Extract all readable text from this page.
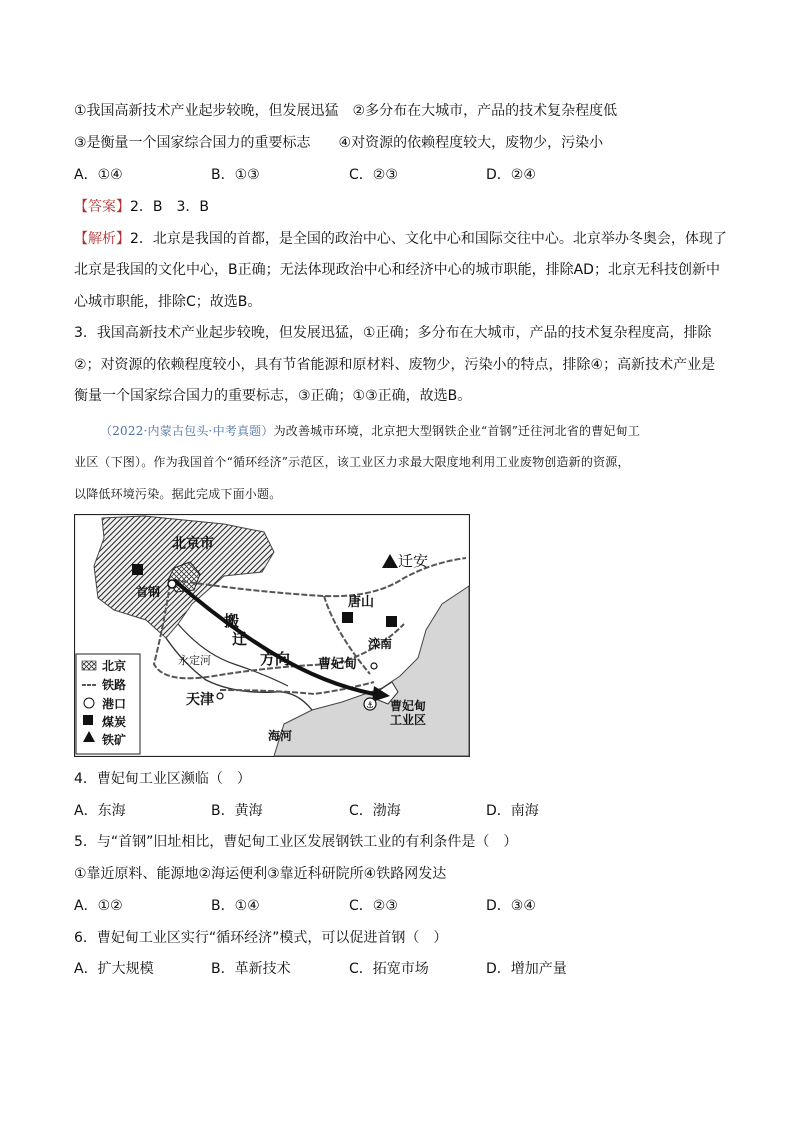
①我国高新技术产业起步较晚，但发展迅猛　②多分布在大城市，产品的技术复杂程度低
③是衡量一个国家综合国力的重要标志　　④对资源的依赖程度较大，废物少，污染小
A．①④	B．①③	C．②③	D．②④
【答案】2．B　3．B
【解析】2．北京是我国的首都，是全国的政治中心、文化中心和国际交往中心。北京举办冬奥会，体现了
北京是我国的文化中心，B正确；无法体现政治中心和经济中心的城市职能，排除AD；北京无科技创新中
心城市职能，排除C；故选B。
3．我国高新技术产业起步较晚，但发展迅猛，①正确；多分布在大城市，产品的技术复杂程度高，排除
②；对资源的依赖程度较小，具有节省能源和原材料、废物少，污染小的特点，排除④；高新技术产业是
衡量一个国家综合国力的重要标志，③正确；①③正确，故选B。
（2022·内蒙古包头·中考真题）为改善城市环境，北京把大型钢铁企业“首钢”迁往河北省的曹妃甸工
业区（下图）。作为我国首个“循环经济”示范区，该工业区力求最大限度地利用工业废物创造新的资源，
以降低环境污染。据此完成下面小题。
⚓
北京市
首钢
迁安
唐山
滦南
曹妃甸
曹妃甸
工业区
天津
海河
永定河
搬
迁
方向
北京
铁路
港口
煤炭
铁矿
4．曹妃甸工业区濒临（　）
A．东海	B．黄海	C．渤海	D．南海
5．与“首钢”旧址相比，曹妃甸工业区发展钢铁工业的有利条件是（　）
①靠近原料、能源地②海运便利③靠近科研院所④铁路网发达
A．①②	B．①④	C．②③	D．③④
6．曹妃甸工业区实行“循环经济”模式，可以促进首钢（　）
A．扩大规模	B．革新技术	C．拓宽市场	D．增加产量
